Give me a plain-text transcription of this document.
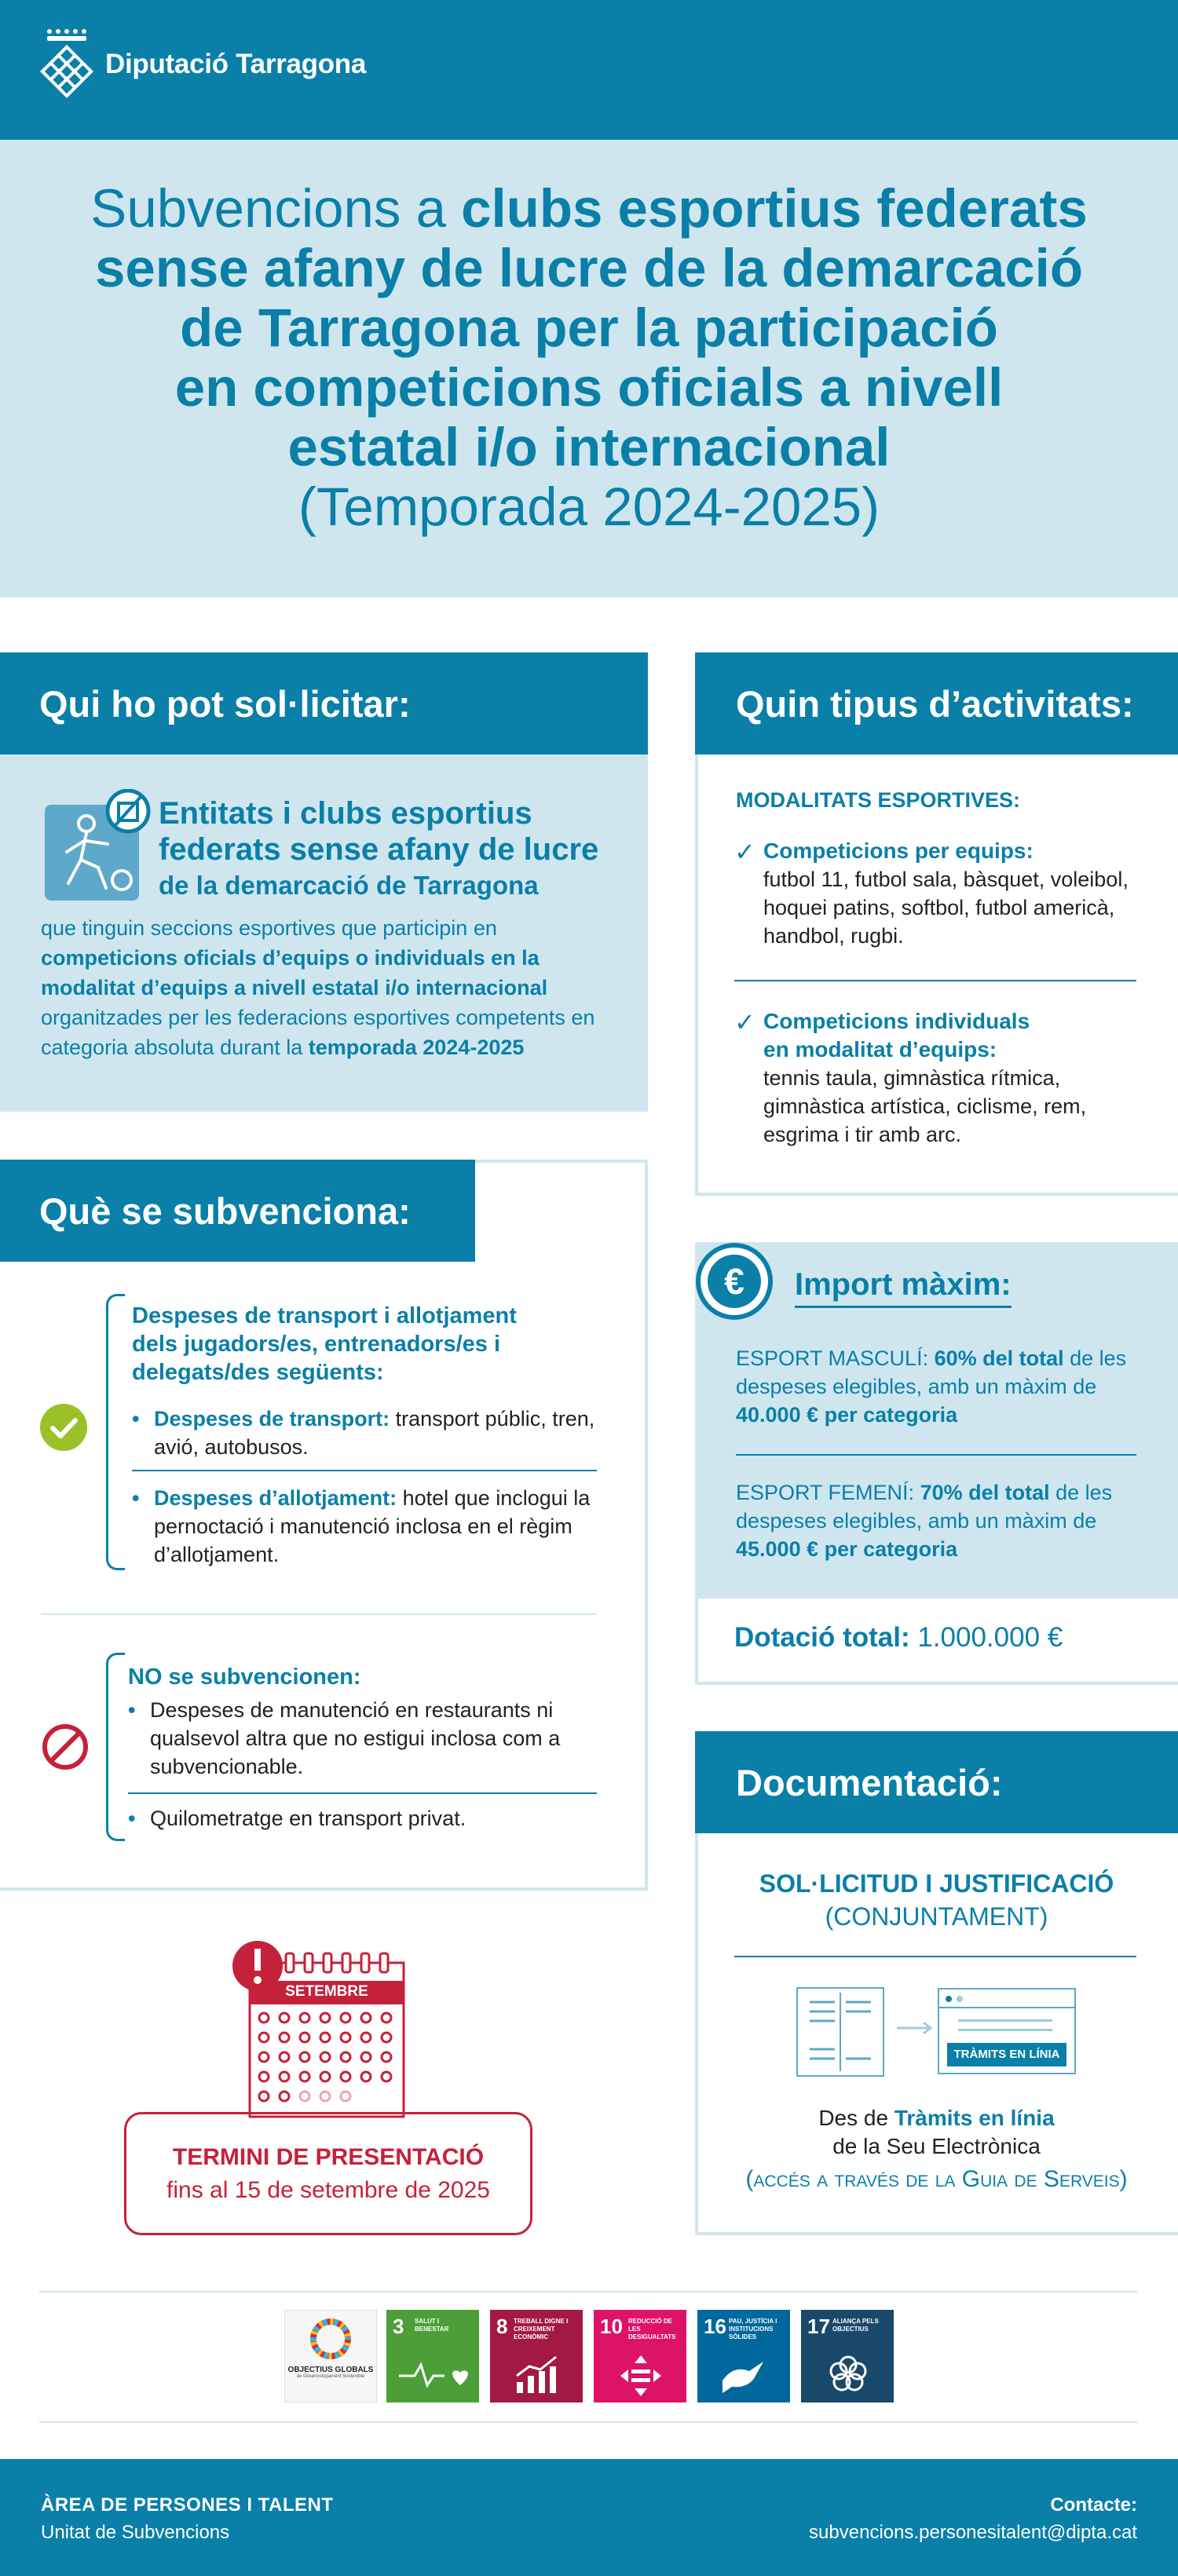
Diputació Tarragona
Subvencions a clubs esportius federats
sense afany de lucre de la demarcació
de Tarragona per la participació
en competicions oficials a nivell
estatal i/o internacional
(Temporada 2024-2025)
Qui ho pot sol·licitar:
Entitats i clubs esportius
federats sense afany de lucre
de la demarcació de Tarragona
que tinguin seccions esportives que participin en competicions oficials d’equips o individuals en la modalitat d’equips a nivell estatal i/o internacional organitzades per les federacions esportives competents en categoria absoluta durant la temporada 2024-2025
Quin tipus d’activitats:
MODALITATS ESPORTIVES:
✓ Competicions per equips:
futbol 11, futbol sala, bàsquet, voleibol, hoquei patins, softbol, futbol americà, handbol, rugbi.
✓ Competicions individuals
en modalitat d’equips:
tennis taula, gimnàstica rítmica, gimnàstica artística, ciclisme, rem, esgrima i tir amb arc.
Què se subvenciona:
Despeses de transport i allotjament dels jugadors/es, entrenadors/es i delegats/des següents:
• Despeses de transport: transport públic, tren, avió, autobusos.
• Despeses d’allotjament: hotel que inclogui la pernoctació i manutenció inclosa en el règim d’allotjament.
NO se subvencionen:
• Despeses de manutenció en restaurants ni qualsevol altra que no estigui inclosa com a subvencionable.
• Quilometratge en transport privat.
€ Import màxim:
ESPORT MASCULÍ: 60% del total de les despeses elegibles, amb un màxim de 40.000 € per categoria
ESPORT FEMENÍ: 70% del total de les despeses elegibles, amb un màxim de 45.000 € per categoria
Dotació total: 1.000.000 €
Documentació:
SOL·LICITUD I JUSTIFICACIÓ
(CONJUNTAMENT)
TRÀMITS EN LÍNIA
Des de Tràmits en línia
de la Seu Electrònica
(accés a través de la Guia de Serveis)
SETEMBRE
TERMINI DE PRESENTACIÓ
fins al 15 de setembre de 2025
OBJECTIUS GLOBALS
de Desenvolupament Sostenible
3 SALUT I BENESTAR	8 TREBALL DIGNE I CREIXEMENT ECONÒMIC	10 REDUCCIÓ DE LES DESIGUALTATS	16 PAU, JUSTÍCIA I INSTITUCIONS SÒLIDES	17 ALIANÇA PELS OBJECTIUS
ÀREA DE PERSONES I TALENT
Unitat de Subvencions
Contacte:
subvencions.personesitalent@dipta.cat
